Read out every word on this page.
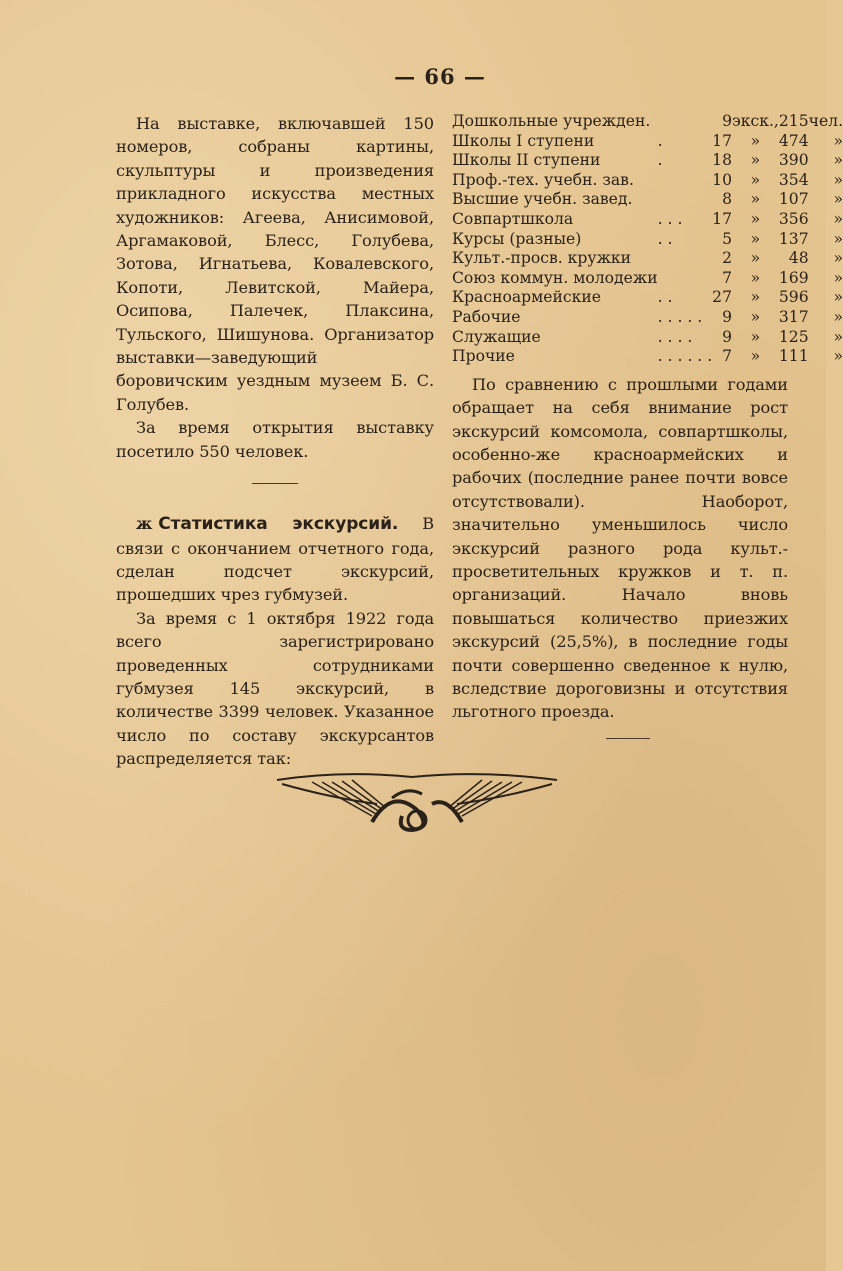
— 66 —

На выставке, включавшей 150 номеров, собраны картины, скульптуры и произведения прикладного искусства местных художников: Агеева, Анисимовой, Аргамаковой, Блесс, Голубева, Зотова, Игнатьева, Ковалевского, Копоти, Левитской, Майера, Осипова, Палечек, Плаксина, Тульского, Шишунова. Организатор выставки—заведующий боровичским уездным музеем Б. С. Голубев.

За время открытия выставку посетило 550 человек.

ж Статистика экскурсий. В связи с окончанием отчетного года, сделан подсчет экскурсий, прошедших чрез губмузей.

За время с 1 октября 1922 года всего зарегистрировано проведенных сотрудниками губмузея 145 экскурсий, в количестве 3399 человек. Указанное число по составу экскурсантов распределяется так:

Дошкольные учрежден.		9	экск.,	215	чел.
Школы I ступени	.	17	»	474	»
Школы II ступени	.	18	»	390	»
Проф.-тех. учебн. зав.		10	»	354	»
Высшие учебн. завед.		8	»	107	»
Совпартшкола	. . .	17	»	356	»
Курсы (разные)	. .	5	»	137	»
Культ.-просв. кружки		2	»	48	»
Союз коммун. молодежи		7	»	169	»
Красноармейские	. .	27	»	596	»
Рабочие	. . . . .	9	»	317	»
Служащие	. . . .	9	»	125	»
Прочие	. . . . . .	7	»	111	»

По сравнению с прошлыми годами обращает на себя внимание рост экскурсий комсомола, совпартшколы, особенно-же красноармейских и рабочих (последние ранее почти вовсе отсутствовали). Наоборот, значительно уменьшилось число экскурсий разного рода культ.-просветительных кружков и т. п. организаций. Начало вновь повышаться количество приезжих экскурсий (25,5%), в последние годы почти совершенно сведенное к нулю, вследствие дороговизны и отсутствия льготного проезда.
